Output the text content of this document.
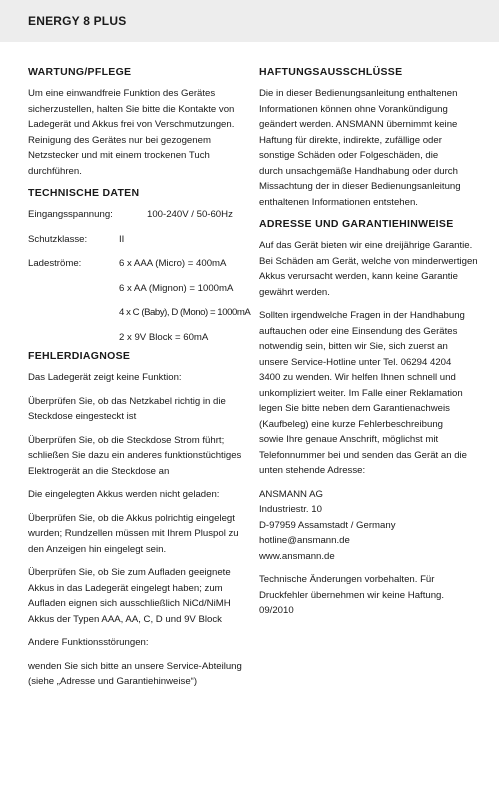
ENERGY 8 PLUS
WARTUNG/PFLEGE

Um eine einwandfreie Funktion des Gerätes
sicherzustellen, halten Sie bitte die Kontakte von
Ladegerät und Akkus frei von Verschmutzungen.
Reinigung des Gerätes nur bei gezogenem
Netzstecker und mit einem trockenen Tuch
durchführen.

TECHNISCHE DATEN
Eingangsspannung:	100-240V / 50-60Hz
Schutzklasse:	II
Ladeströme:	6 x AAA (Micro) = 400mA
6 x AA (Mignon) = 1000mA
4 x C (Baby), D (Mono) = 1000mA
2 x 9V Block = 60mA
FEHLERDIAGNOSE

Das Ladegerät zeigt keine Funktion:

Überprüfen Sie, ob das Netzkabel richtig in die
Steckdose eingesteckt ist

Überprüfen Sie, ob die Steckdose Strom führt;
schließen Sie dazu ein anderes funktionstüchtiges
Elektrogerät an die Steckdose an

Die eingelegten Akkus werden nicht geladen:

Überprüfen Sie, ob die Akkus polrichtig eingelegt
wurden; Rundzellen müssen mit Ihrem Pluspol zu
den Anzeigen hin eingelegt sein.

Überprüfen Sie, ob Sie zum Aufladen geeignete
Akkus in das Ladegerät eingelegt haben; zum
Aufladen eignen sich ausschließlich NiCd/NiMH
Akkus der Typen AAA, AA, C, D und 9V Block

Andere Funktionsstörungen:

wenden Sie sich bitte an unsere Service-Abteilung
(siehe „Adresse und Garantiehinweise“)

HAFTUNGSAUSSCHLÜSSE

Die in dieser Bedienungsanleitung enthaltenen
Informationen können ohne Vorankündigung
geändert werden. ANSMANN übernimmt keine
Haftung für direkte, indirekte, zufällige oder
sonstige Schäden oder Folgeschäden, die
durch unsachgemäße Handhabung oder durch
Missachtung der in dieser Bedienungsanleitung
enthaltenen Informationen entstehen.

ADRESSE UND GARANTIEHINWEISE

Auf das Gerät bieten wir eine dreijährige Garantie.
Bei Schäden am Gerät, welche von minderwertigen
Akkus verursacht werden, kann keine Garantie
gewährt werden.

Sollten irgendwelche Fragen in der Handhabung
auftauchen oder eine Einsendung des Gerätes
notwendig sein, bitten wir Sie, sich zuerst an
unsere Service-Hotline unter Tel. 06294 4204
3400 zu wenden. Wir helfen Ihnen schnell und
unkompliziert weiter. Im Falle einer Reklamation
legen Sie bitte neben dem Garantienachweis
(Kaufbeleg) eine kurze Fehlerbeschreibung
sowie Ihre genaue Anschrift, möglichst mit
Telefonnummer bei und senden das Gerät an die
unten stehende Adresse:

ANSMANN AG
Industriestr. 10
D-97959 Assamstadt / Germany
hotline@ansmann.de
www.ansmann.de

Technische Änderungen vorbehalten. Für
Druckfehler übernehmen wir keine Haftung.
09/2010
